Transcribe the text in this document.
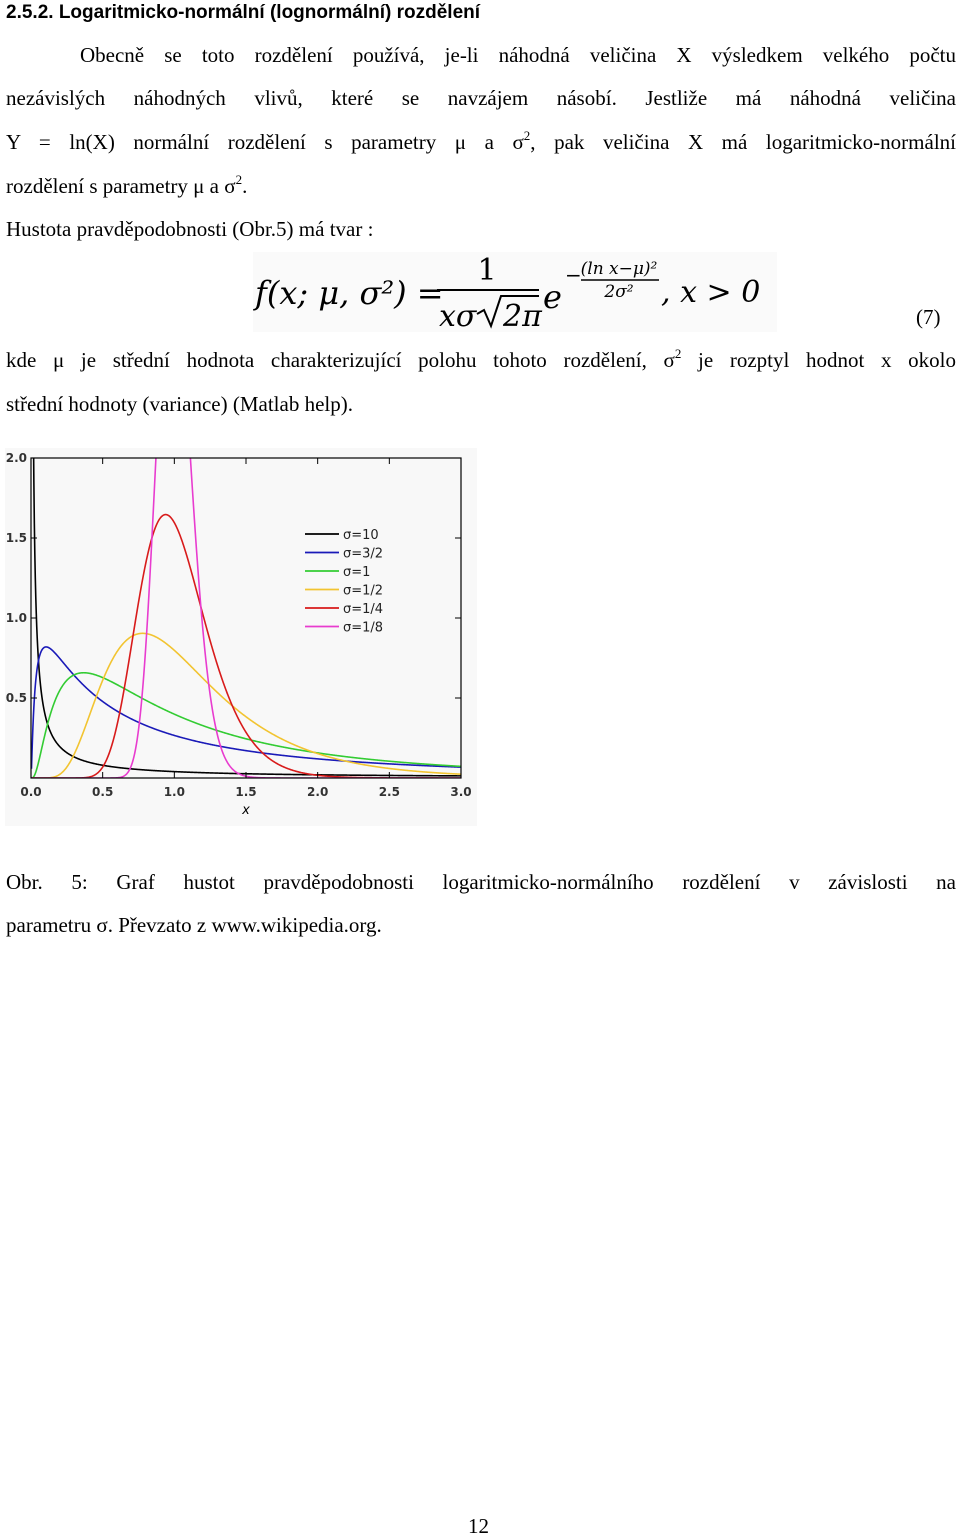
2.5.2. Logaritmicko-normální (lognormální) rozdělení
Obecně se toto rozdělení používá, je-li náhodná veličina X výsledkem velkého počtu
nezávislých náhodných vlivů, které se navzájem násobí. Jestliže má náhodná veličina
Y = ln(X) normální rozdělení s parametry μ a $\sigma^2$, pak veličina X má logaritmicko-normální
rozdělení s parametry μ a $\sigma^2$.
Hustota pravděpodobnosti (Obr.5) má tvar :
f(x; μ, σ²) =
1
xσ 2π
e
−
(ln x−μ)²
2σ² , x > 0
(7)
kde μ je střední hodnota charakterizující polohu tohoto rozdělení, $\sigma^2$ je rozptyl hodnot x okolo
střední hodnoty (variance) (Matlab help).
0.0	0.5	1.0	1.5	2.0	2.5	3.0
0.5
1.0
1.5
2.0
x
σ=10
σ=3/2
σ=1
σ=1/2
σ=1/4
σ=1/8
Obr. 5: Graf hustot pravděpodobnosti logaritmicko-normálního rozdělení v závislosti na
parametru σ. Převzato z www.wikipedia.org.
12
